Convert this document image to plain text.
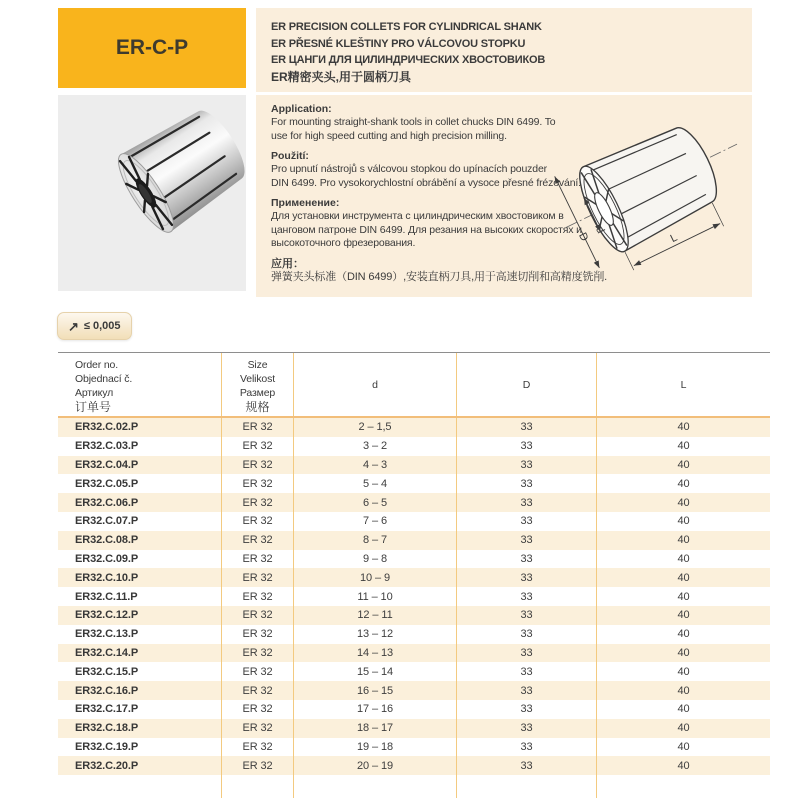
ER-C-P
ER PRECISION COLLETS FOR CYLINDRICAL SHANK
ER PŘESNÉ KLEŠTINY PRO VÁLCOVOU STOPKU
ER ЦАНГИ ДЛЯ ЦИЛИНДРИЧЕСКИХ ХВОСТОВИКОВ
ER精密夹头,用于圆柄刀具
Application:
For mounting straight-shank tools in collet chucks DIN 6499. To
use for high speed cutting and high precision milling.
Použití:
Pro upnutí nástrojů s válcovou stopkou do upínacích pouzder
DIN 6499. Pro vysokorychlostní obrábění a vysoce přesné frézování.
Применение:
Для установки инструмента с цилиндрическим хвостовиком в
цанговом патроне DIN 6499. Для резания на высоких скоростях и
высокоточного фрезерования.
应用：
弹簧夹头标准（DIN 6499）,安装直柄刀具,用于高速切削和高精度铣削.
D
d
L
↗ ≤ 0,005
Order no.
Objednací č.
Артикул
订单号
Size
Velikost
Размер
规格
d	D	L
ER32.C.02.P	ER 32	2 – 1,5	33	40
ER32.C.03.P	ER 32	3 – 2	33	40
ER32.C.04.P	ER 32	4 – 3	33	40
ER32.C.05.P	ER 32	5 – 4	33	40
ER32.C.06.P	ER 32	6 – 5	33	40
ER32.C.07.P	ER 32	7 – 6	33	40
ER32.C.08.P	ER 32	8 – 7	33	40
ER32.C.09.P	ER 32	9 – 8	33	40
ER32.C.10.P	ER 32	10 – 9	33	40
ER32.C.11.P	ER 32	11 – 10	33	40
ER32.C.12.P	ER 32	12 – 11	33	40
ER32.C.13.P	ER 32	13 – 12	33	40
ER32.C.14.P	ER 32	14 – 13	33	40
ER32.C.15.P	ER 32	15 – 14	33	40
ER32.C.16.P	ER 32	16 – 15	33	40
ER32.C.17.P	ER 32	17 – 16	33	40
ER32.C.18.P	ER 32	18 – 17	33	40
ER32.C.19.P	ER 32	19 – 18	33	40
ER32.C.20.P	ER 32	20 – 19	33	40
